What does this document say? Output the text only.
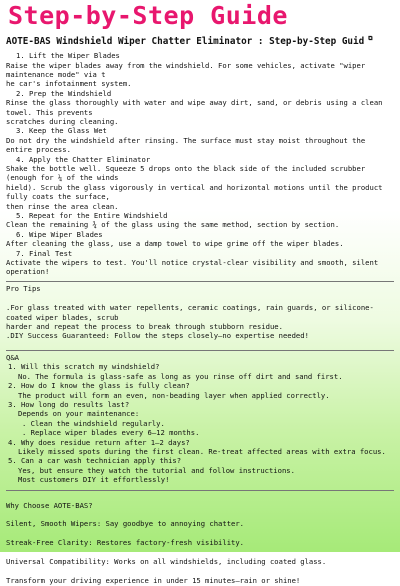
Step-by-Step Guide
AOTE-BAS Windshield Wiper Chatter Eliminator : Step-by-Step Guid ⧉
1. Lift the Wiper Blades
Raise the wiper blades away from the windshield. For some vehicles, activate "wiper maintenance mode" via t
he car's infotainment system.
2. Prep the Windshield
Rinse the glass thoroughly with water and wipe away dirt, sand, or debris using a clean towel. This prevents
scratches during cleaning.
3. Keep the Glass Wet
Do not dry the windshield after rinsing. The surface must stay moist throughout the entire process.
4. Apply the Chatter Eliminator
Shake the bottle well. Squeeze 5 drops onto the black side of the included scrubber (enough for ¼ of the winds
hield). Scrub the glass vigorously in vertical and horizontal motions until the product fully coats the surface,
then rinse the area clean.
5. Repeat for the Entire Windshield
Clean the remaining ¾ of the glass using the same method, section by section.
6. Wipe Wiper Blades
After cleaning the glass, use a damp towel to wipe grime off the wiper blades.
7. Final Test
Activate the wipers to test. You'll notice crystal-clear visibility and smooth, silent operation!
Pro Tips
.For glass treated with water repellents, ceramic coatings, rain guards, or silicone-coated wiper blades, scrub
harder and repeat the process to break through stubborn residue.
.DIY Success Guaranteed: Follow the steps closely—no expertise needed!
Q&A
1. Will this scratch my windshield?
No. The formula is glass-safe as long as you rinse off dirt and sand first.
2. How do I know the glass is fully clean?
The product will form an even, non-beading layer when applied correctly.
3. How long do results last?
Depends on your maintenance:
. Clean the windshield regularly.
. Replace wiper blades every 6–12 months.
4. Why does residue return after 1–2 days?
Likely missed spots during the first clean. Re-treat affected areas with extra focus.
5. Can a car wash technician apply this?
Yes, but ensure they watch the tutorial and follow instructions.
Most customers DIY it effortlessly!
Why Choose AOTE-BAS?
Silent, Smooth Wipers: Say goodbye to annoying chatter.
Streak-Free Clarity: Restores factory-fresh visibility.
Universal Compatibility: Works on all windshields, including coated glass.
Transform your driving experience in under 15 minutes—rain or shine!
